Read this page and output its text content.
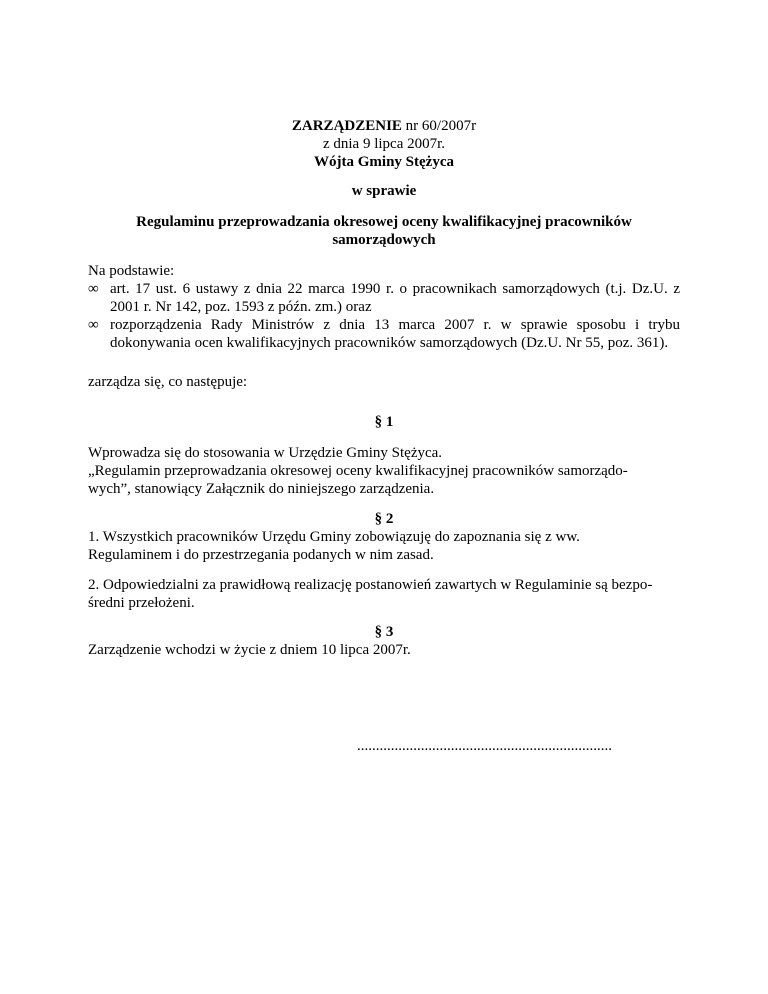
ZARZĄDZENIE nr 60/2007r
z dnia 9 lipca 2007r.
Wójta Gminy Stężyca
w sprawie
Regulaminu przeprowadzania okresowej oceny kwalifikacyjnej pracowników
samorządowych
Na podstawie:
∞ art. 17 ust. 6 ustawy z dnia 22 marca 1990 r. o pracownikach samorządowych (t.j. Dz.U. z 2001 r. Nr 142, poz. 1593 z późn. zm.) oraz
∞ rozporządzenia Rady Ministrów z dnia 13 marca 2007 r. w sprawie sposobu i trybu dokonywania ocen kwalifikacyjnych pracowników samorządowych (Dz.U. Nr 55, poz. 361).
zarządza się, co następuje:
§ 1
Wprowadza się do stosowania w Urzędzie Gminy Stężyca.
„Regulamin przeprowadzania okresowej oceny kwalifikacyjnej pracowników samorządo-
wych”, stanowiący Załącznik do niniejszego zarządzenia.
§ 2
1. Wszystkich pracowników Urzędu Gminy zobowiązuję do zapoznania się z ww.
Regulaminem i do przestrzegania podanych w nim zasad.
2. Odpowiedzialni za prawidłową realizację postanowień zawartych w Regulaminie są bezpo-
średni przełożeni.
§ 3
Zarządzenie wchodzi w życie z dniem 10 lipca 2007r.
....................................................................
